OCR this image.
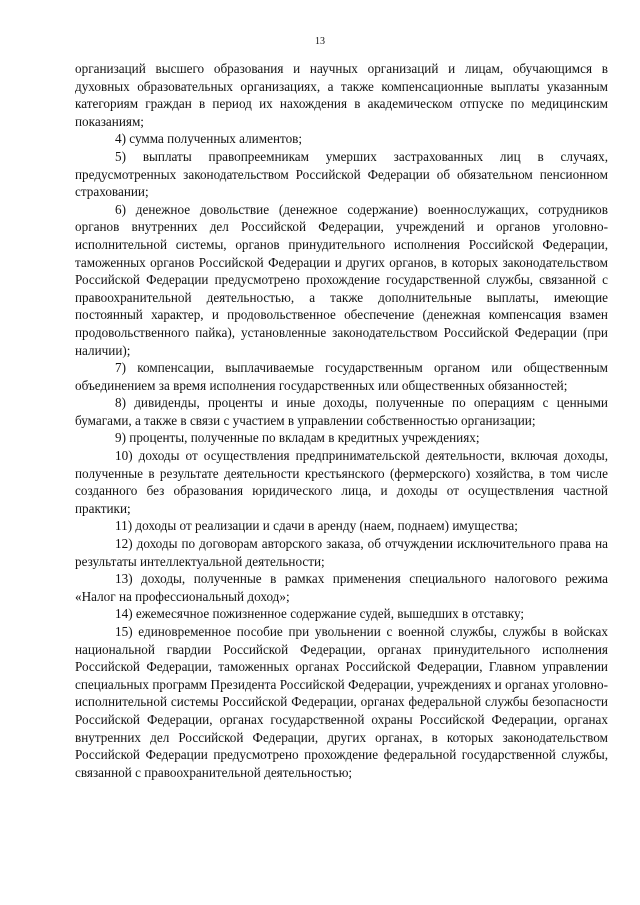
13

организаций высшего образования и научных организаций и лицам, обучающимся в духовных образовательных организациях, а также компенсационные выплаты указанным категориям граждан в период их нахождения в академическом отпуске по медицинским показаниям;

4) сумма полученных алиментов;

5) выплаты правопреемникам умерших застрахованных лиц в случаях, предусмотренных законодательством Российской Федерации об обязательном пенсионном страховании;

6) денежное довольствие (денежное содержание) военнослужащих, сотрудников органов внутренних дел Российской Федерации, учреждений и органов уголовно-исполнительной системы, органов принудительного исполнения Российской Федерации, таможенных органов Российской Федерации и других органов, в которых законодательством Российской Федерации предусмотрено прохождение государственной службы, связанной с правоохранительной деятельностью, а также дополнительные выплаты, имеющие постоянный характер, и продовольственное обеспечение (денежная компенсация взамен продовольственного пайка), установленные законодательством Российской Федерации (при наличии);

7) компенсации, выплачиваемые государственным органом или общественным объединением за время исполнения государственных или общественных обязанностей;

8) дивиденды, проценты и иные доходы, полученные по операциям с ценными бумагами, а также в связи с участием в управлении собственностью организации;

9) проценты, полученные по вкладам в кредитных учреждениях;

10) доходы от осуществления предпринимательской деятельности, включая доходы, полученные в результате деятельности крестьянского (фермерского) хозяйства, в том числе созданного без образования юридического лица, и доходы от осуществления частной практики;

11) доходы от реализации и сдачи в аренду (наем, поднаем) имущества;

12) доходы по договорам авторского заказа, об отчуждении исключительного права на результаты интеллектуальной деятельности;

13) доходы, полученные в рамках применения специального налогового режима «Налог на профессиональный доход»;

14) ежемесячное пожизненное содержание судей, вышедших в отставку;

15) единовременное пособие при увольнении с военной службы, службы в войсках национальной гвардии Российской Федерации, органах принудительного исполнения Российской Федерации, таможенных органах Российской Федерации, Главном управлении специальных программ Президента Российской Федерации, учреждениях и органах уголовно-исполнительной системы Российской Федерации, органах федеральной службы безопасности Российской Федерации, органах государственной охраны Российской Федерации, органах внутренних дел Российской Федерации, других органах, в которых законодательством Российской Федерации предусмотрено прохождение федеральной государственной службы, связанной с правоохранительной деятельностью;
